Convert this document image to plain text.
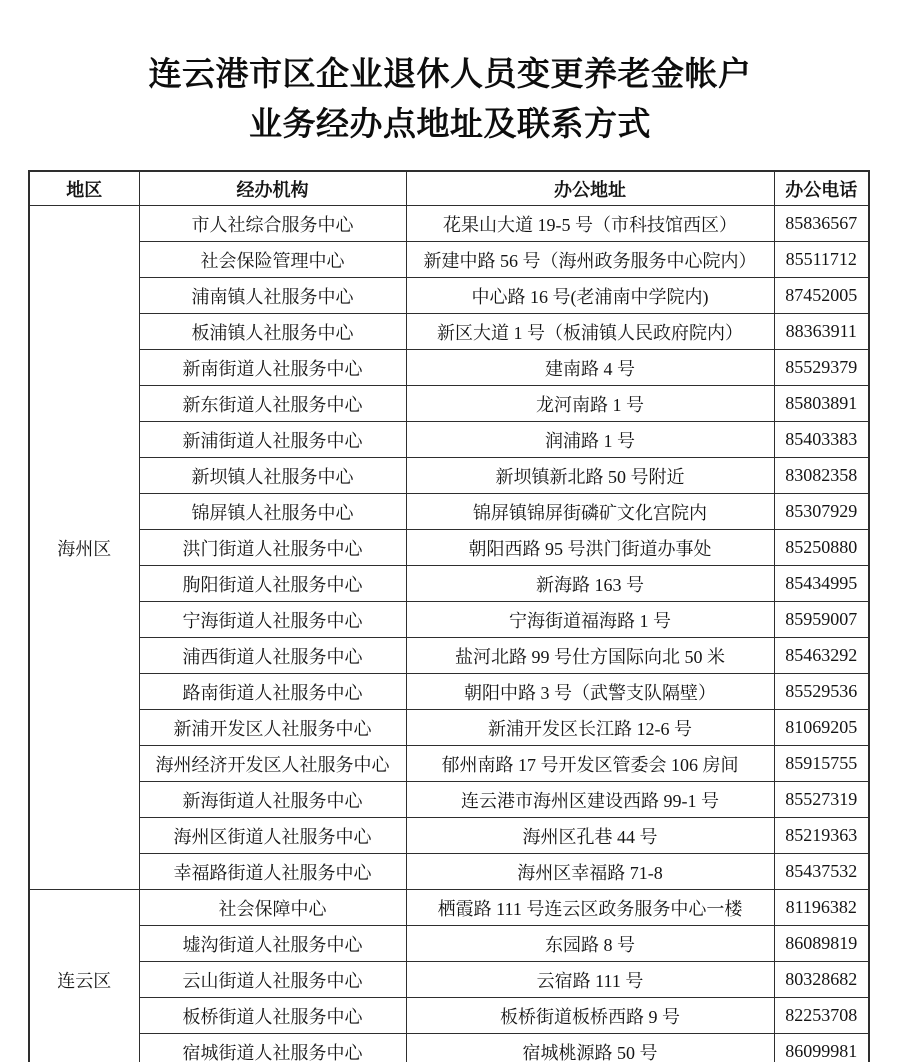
连云港市区企业退休人员变更养老金帐户
业务经办点地址及联系方式
地区	经办机构	办公地址	办公电话
海州区	市人社综合服务中心	花果山大道 19-5 号（市科技馆西区）	85836567
	社会保险管理中心	新建中路 56 号（海州政务服务中心院内）	85511712
	浦南镇人社服务中心	中心路 16 号(老浦南中学院内)	87452005
	板浦镇人社服务中心	新区大道 1 号（板浦镇人民政府院内）	88363911
	新南街道人社服务中心	建南路 4 号	85529379
	新东街道人社服务中心	龙河南路 1 号	85803891
	新浦街道人社服务中心	润浦路 1 号	85403383
	新坝镇人社服务中心	新坝镇新北路 50 号附近	83082358
	锦屏镇人社服务中心	锦屏镇锦屏街磷矿文化宫院内	85307929
	洪门街道人社服务中心	朝阳西路 95 号洪门街道办事处	85250880
	朐阳街道人社服务中心	新海路 163 号	85434995
	宁海街道人社服务中心	宁海街道福海路 1 号	85959007
	浦西街道人社服务中心	盐河北路 99 号仕方国际向北 50 米	85463292
	路南街道人社服务中心	朝阳中路 3 号（武警支队隔壁）	85529536
	新浦开发区人社服务中心	新浦开发区长江路 12-6 号	81069205
	海州经济开发区人社服务中心	郁州南路 17 号开发区管委会 106 房间	85915755
	新海街道人社服务中心	连云港市海州区建设西路 99-1 号	85527319
	海州区街道人社服务中心	海州区孔巷 44 号	85219363
	幸福路街道人社服务中心	海州区幸福路 71-8	85437532
连云区	社会保障中心	栖霞路 111 号连云区政务服务中心一楼	81196382
	墟沟街道人社服务中心	东园路 8 号	86089819
	云山街道人社服务中心	云宿路 111 号	80328682
	板桥街道人社服务中心	板桥街道板桥西路 9 号	82253708
	宿城街道人社服务中心	宿城桃源路 50 号	86099981
